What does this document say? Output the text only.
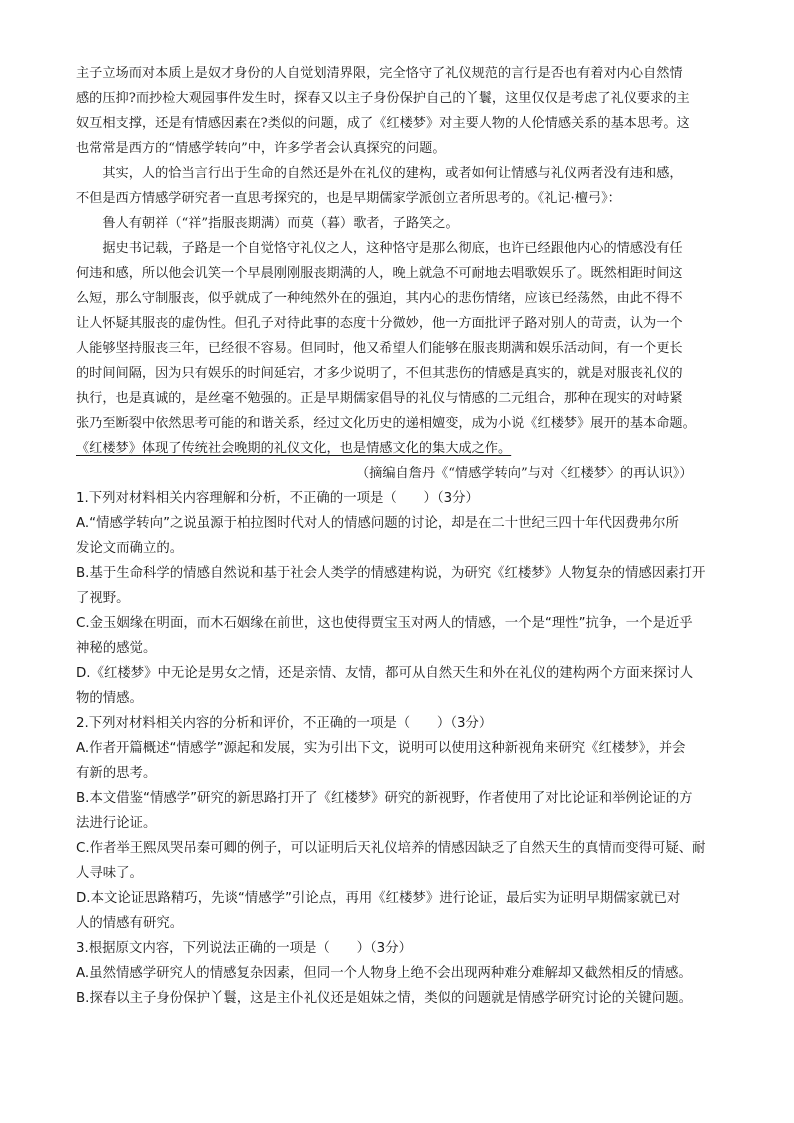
主子立场而对本质上是奴才身份的人自觉划清界限，完全恪守了礼仪规范的言行是否也有着对内心自然情
感的压抑?而抄检大观园事件发生时，探春又以主子身份保护自己的丫鬟，这里仅仅是考虑了礼仪要求的主
奴互相支撑，还是有情感因素在?类似的问题，成了《红楼梦》对主要人物的人伦情感关系的基本思考。这
也常常是西方的“情感学转向”中，许多学者会认真探究的问题。
　　其实，人的恰当言行出于生命的自然还是外在礼仪的建构，或者如何让情感与礼仪两者没有违和感，
不但是西方情感学研究者一直思考探究的，也是早期儒家学派创立者所思考的。《礼记·檀弓》：
　　鲁人有朝祥（“祥”指服丧期满）而莫（暮）歌者，子路笑之。
　　据史书记载，子路是一个自觉恪守礼仪之人，这种恪守是那么彻底，也许已经跟他内心的情感没有任
何违和感，所以他会讥笑一个早晨刚刚服丧期满的人，晚上就急不可耐地去唱歌娱乐了。既然相距时间这
么短，那么守制服丧，似乎就成了一种纯然外在的强迫，其内心的悲伤情绪，应该已经荡然，由此不得不
让人怀疑其服丧的虚伪性。但孔子对待此事的态度十分微妙，他一方面批评子路对别人的苛责，认为一个
人能够坚持服丧三年，已经很不容易。但同时，他又希望人们能够在服丧期满和娱乐活动间，有一个更长
的时间间隔，因为只有娱乐的时间延宕，才多少说明了，不但其悲伤的情感是真实的，就是对服丧礼仪的
执行，也是真诚的，是丝毫不勉强的。正是早期儒家倡导的礼仪与情感的二元组合，那种在现实的对峙紧
张乃至断裂中依然思考可能的和谐关系，经过文化历史的递相嬗变，成为小说《红楼梦》展开的基本命题。
《红楼梦》体现了传统社会晚期的礼仪文化，也是情感文化的集大成之作。
（摘编自詹丹《“情感学转向”与对〈红楼梦〉的再认识》）
1.下列对材料相关内容理解和分析，不正确的一项是（　　）（3分）
A.“情感学转向”之说虽源于柏拉图时代对人的情感问题的讨论，却是在二十世纪三四十年代因费弗尔所
发论文而确立的。
B.基于生命科学的情感自然说和基于社会人类学的情感建构说，为研究《红楼梦》人物复杂的情感因素打开
了视野。
C.金玉姻缘在明面，而木石姻缘在前世，这也使得贾宝玉对两人的情感，一个是“理性”抗争，一个是近乎
神秘的感觉。
D.《红楼梦》中无论是男女之情，还是亲情、友情，都可从自然天生和外在礼仪的建构两个方面来探讨人
物的情感。
2.下列对材料相关内容的分析和评价，不正确的一项是（　　）（3分）
A.作者开篇概述“情感学”源起和发展，实为引出下文，说明可以使用这种新视角来研究《红楼梦》，并会
有新的思考。
B.本文借鉴“情感学”研究的新思路打开了《红楼梦》研究的新视野，作者使用了对比论证和举例论证的方
法进行论证。
C.作者举王熙凤哭吊秦可卿的例子，可以证明后天礼仪培养的情感因缺乏了自然天生的真情而变得可疑、耐
人寻味了。
D.本文论证思路精巧，先谈“情感学”引论点，再用《红楼梦》进行论证，最后实为证明早期儒家就已对
人的情感有研究。
3.根据原文内容，下列说法正确的一项是（　　）（3分）
A.虽然情感学研究人的情感复杂因素，但同一个人物身上绝不会出现两种难分难解却又截然相反的情感。
B.探春以主子身份保护丫鬟，这是主仆礼仪还是姐妹之情，类似的问题就是情感学研究讨论的关键问题。
